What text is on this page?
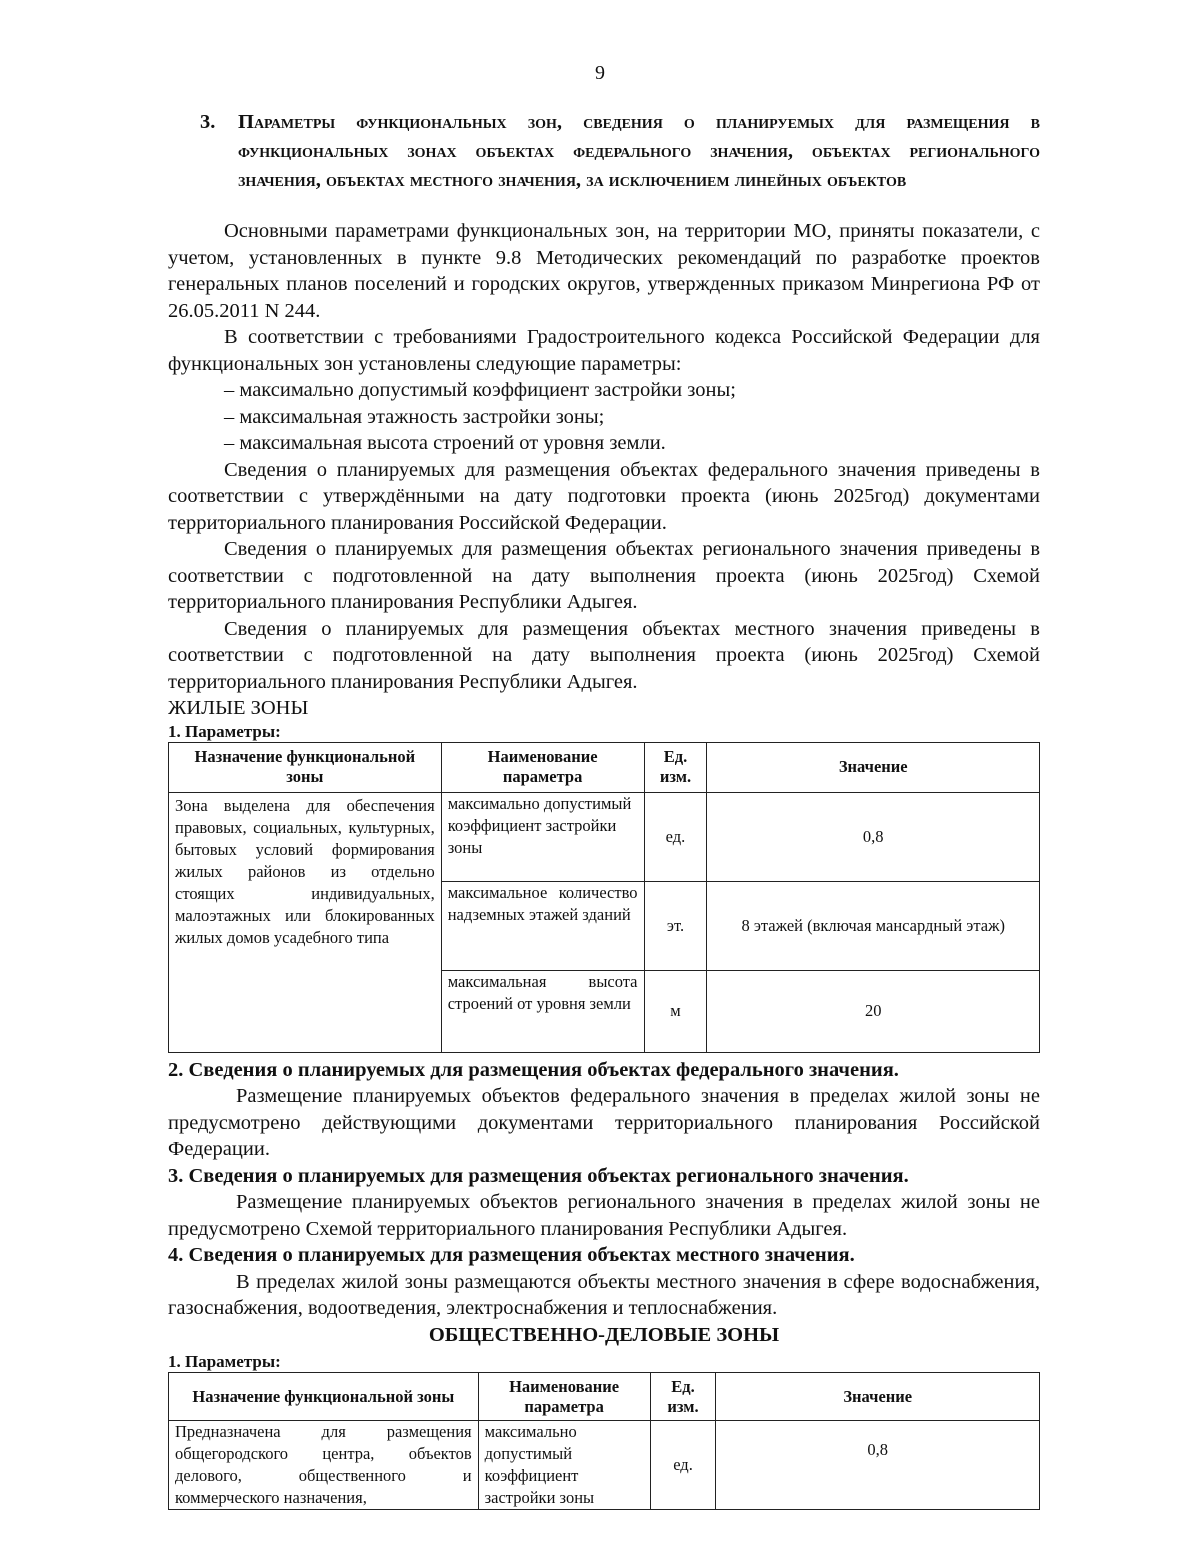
9
3. Параметры функциональных зон, сведения о планируемых для размещения в функциональных зонах объектах федерального значения, объектах регионального значения, объектах местного значения, за исключением линейных объектов

Основными параметрами функциональных зон, на территории МО, приняты показатели, с учетом, установленных в пункте 9.8 Методических рекомендаций по разработке проектов генеральных планов поселений и городских округов, утвержденных приказом Минрегиона РФ от 26.05.2011 N 244.

В соответствии с требованиями Градостроительного кодекса Российской Федерации для функциональных зон установлены следующие параметры:

– максимально допустимый коэффициент застройки зоны;

– максимальная этажность застройки зоны;

– максимальная высота строений от уровня земли.

Сведения о планируемых для размещения объектах федерального значения приведены в соответствии с утверждёнными на дату подготовки проекта (июнь 2025год) документами территориального планирования Российской Федерации.

Сведения о планируемых для размещения объектах регионального значения приведены в соответствии с подготовленной на дату выполнения проекта (июнь 2025год) Схемой территориального планирования Республики Адыгея.

Сведения о планируемых для размещения объектах местного значения приведены в соответствии с подготовленной на дату выполнения проекта (июнь 2025год) Схемой территориального планирования Республики Адыгея.

ЖИЛЫЕ ЗОНЫ

1. Параметры:

Назначение функциональной зоны	Наименование параметра	Ед. изм.	Значение

Зона выделена для обеспечения правовых, социальных, культурных, бытовых условий формирования жилых районов из отдельно стоящих индивидуальных, малоэтажных или блокированных жилых домов усадебного типа	максимально допустимый коэффициент застройки зоны	ед.	0,8
	максимальное количество надземных этажей зданий	эт.	8 этажей (включая мансардный этаж)
	максимальная высота строений от уровня земли	м	20

2. Сведения о планируемых для размещения объектах федерального значения.

Размещение планируемых объектов федерального значения в пределах жилой зоны не предусмотрено действующими документами территориального планирования Российской Федерации.

3. Сведения о планируемых для размещения объектах регионального значения.

Размещение планируемых объектов регионального значения в пределах жилой зоны не предусмотрено Схемой территориального планирования Республики Адыгея.

4. Сведения о планируемых для размещения объектах местного значения.

В пределах жилой зоны размещаются объекты местного значения в сфере водоснабжения, газоснабжения, водоотведения, электроснабжения и теплоснабжения.

ОБЩЕСТВЕННО-ДЕЛОВЫЕ ЗОНЫ

1. Параметры:

Назначение функциональной зоны	Наименование параметра	Ед. изм.	Значение
Предназначена для размещения общегородского центра, объектов делового, общественного и коммерческого назначения,	максимально допустимый коэффициент застройки зоны	ед.	0,8
